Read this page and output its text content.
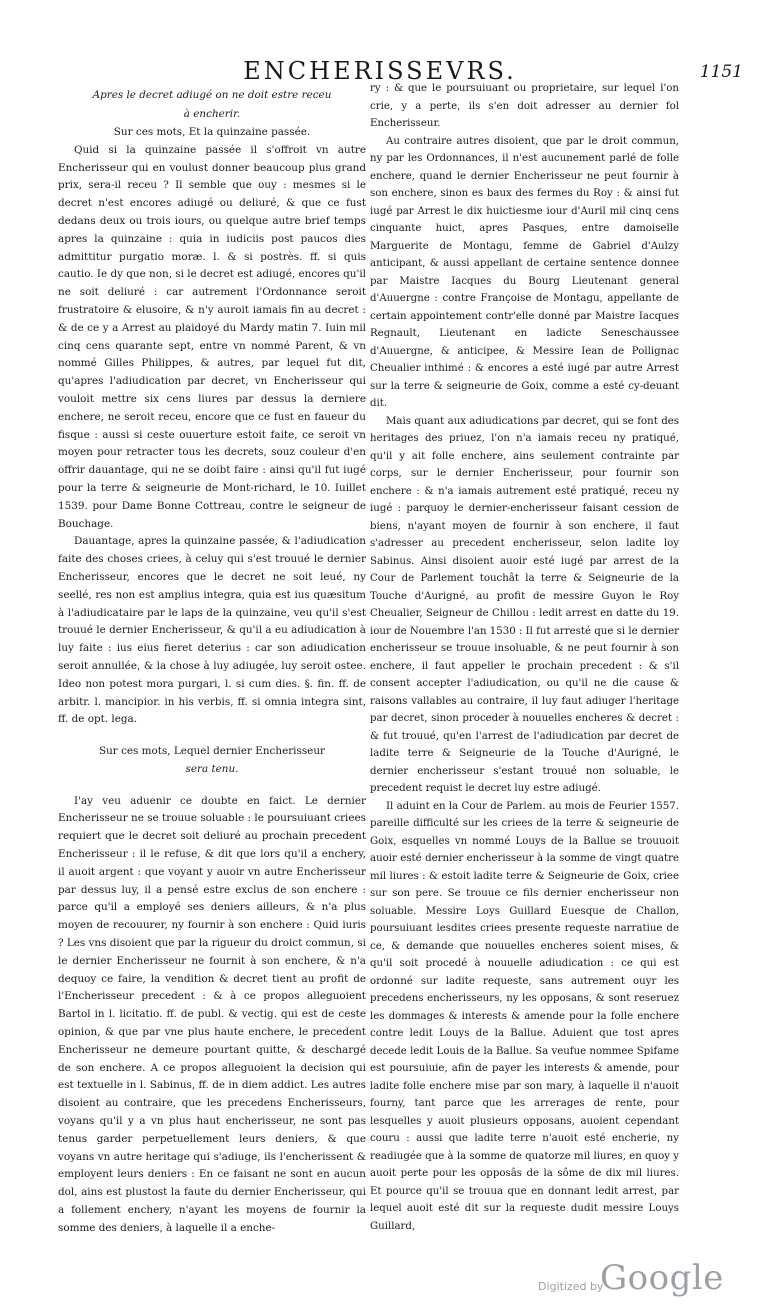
ENCHERISSEVRS.	1151

Apres le decret adiugé on ne doit estre receu

à encherir.

Sur ces mots, Et la quinzaine passée.

Quid si la quinzaine passée il s'offroit vn autre Encherisseur qui en voulust donner beaucoup plus grand prix, sera-il receu ? Il semble que ouy : mesmes si le decret n'est encores adiugé ou deliuré, & que ce fust dedans deux ou trois iours, ou quelque autre brief temps apres la quinzaine : quia in iudiciis post paucos dies admittitur purgatio moræ. l. & si postrès. ff. si quis cautio. Ie dy que non, si le decret est adiugé, encores qu'il ne soit deliuré : car autrement l'Ordonnance seroit frustratoire & elusoire, & n'y auroit iamais fin au decret : & de ce y a Arrest au plaidoyé du Mardy matin 7. Iuin mil cinq cens quarante sept, entre vn nommé Parent, & vn nommé Gilles Philippes, & autres, par lequel fut dit, qu'apres l'adiudication par decret, vn Encherisseur qui vouloit mettre six cens liures par dessus la derniere enchere, ne seroit receu, encore que ce fust en faueur du fisque : aussi si ceste ouuerture estoit faite, ce seroit vn moyen pour retracter tous les decrets, souz couleur d'en offrir dauantage, qui ne se doibt faire : ainsi qu'il fut iugé pour la terre & seigneurie de Mont-richard, le 10. Iuillet 1539. pour Dame Bonne Cottreau, contre le seigneur de Bouchage.

Dauantage, apres la quinzaine passée, & l'adiudication faite des choses criees, à celuy qui s'est trouué le dernier Encherisseur, encores que le decret ne soit leué, ny seellé, res non est amplius integra, quia est ius quæsitum à l'adiudicataire par le laps de la quinzaine, veu qu'il s'est trouué le dernier Encherisseur, & qu'il a eu adiudication à luy faite : ius eius fieret deterius : car son adiudication seroit annullée, & la chose à luy adiugée, luy seroit ostee. Ideo non potest mora purgari, l. si cum dies. §. fin. ff. de arbitr. l. mancipior. in his verbis, ff. si omnia integra sint, ff. de opt. lega.

Sur ces mots, Lequel dernier Encherisseur

sera tenu.

I'ay veu aduenir ce doubte en faict. Le dernier Encherisseur ne se trouue soluable : le poursuiuant criees requiert que le decret soit deliuré au prochain precedent Encherisseur : il le refuse, & dit que lors qu'il a enchery, il auoit argent : que voyant y auoir vn autre Encherisseur par dessus luy, il a pensé estre exclus de son enchere : parce qu'il a employé ses deniers ailleurs, & n'a plus moyen de recouurer, ny fournir à son enchere : Quid iuris ? Les vns disoient que par la rigueur du droict commun, si le dernier Encherisseur ne fournit à son enchere, & n'a dequoy ce faire, la vendition & decret tient au profit de l'Encherisseur precedent : & à ce propos alleguoient Bartol in l. licitatio. ff. de publ. & vectig. qui est de ceste opinion, & que par vne plus haute enchere, le precedent Encherisseur ne demeure pourtant quitte, & deschargé de son enchere. A ce propos alleguoient la decision qui est textuelle in l. Sabinus, ff. de in diem addict. Les autres disoient au contraire, que les precedens Encherisseurs, voyans qu'il y a vn plus haut encherisseur, ne sont pas tenus garder perpetuellement leurs deniers, & que voyans vn autre heritage qui s'adiuge, ils l'encherissent & employent leurs deniers : En ce faisant ne sont en aucun dol, ains est plustost la faute du dernier Encherisseur, qui a follement enchery, n'ayant les moyens de fournir la somme des deniers, à laquelle il a enche-

ry : & que le poursuiuant ou proprietaire, sur lequel l'on crie, y a perte, ils s'en doit adresser au dernier fol Encherisseur.

Au contraire autres disoient, que par le droit commun, ny par les Ordonnances, il n'est aucunement parlé de folle enchere, quand le dernier Encherisseur ne peut fournir à son enchere, sinon es baux des fermes du Roy : & ainsi fut iugé par Arrest le dix huictiesme iour d'Auril mil cinq cens cinquante huict, apres Pasques, entre damoiselle Marguerite de Montagu, femme de Gabriel d'Aulzy anticipant, & aussi appellant de certaine sentence donnee par Maistre Iacques du Bourg Lieutenant general d'Auuergne : contre Françoise de Montagu, appellante de certain appointement contr'elle donné par Maistre Iacques Regnault, Lieutenant en ladicte Seneschaussee d'Auuergne, & anticipee, & Messire Iean de Pollignac Cheualier inthimé : & encores a esté iugé par autre Arrest sur la terre & seigneurie de Goix, comme a esté cy-deuant dit.

Mais quant aux adiudications par decret, qui se font des heritages des priuez, l'on n'a iamais receu ny pratiqué, qu'il y ait folle enchere, ains seulement contrainte par corps, sur le dernier Encherisseur, pour fournir son enchere : & n'a iamais autrement esté pratiqué, receu ny iugé : parquoy le dernier-encherisseur faisant cession de biens, n'ayant moyen de fournir à son enchere, il faut s'adresser au precedent encherisseur, selon ladite loy Sabinus. Ainsi disoient auoir esté iugé par arrest de la Cour de Parlement touchât la terre & Seigneurie de la Touche d'Aurigné, au profit de messire Guyon le Roy Cheualier, Seigneur de Chillou : ledit arrest en datte du 19. iour de Nouembre l'an 1530 : Il fut arresté que si le dernier encherisseur se trouue insoluable, & ne peut fournir à son enchere, il faut appeller le prochain precedent : & s'il consent accepter l'adiudication, ou qu'il ne die cause & raisons vallables au contraire, il luy faut adiuger l'heritage par decret, sinon proceder à nouuelles encheres & decret : & fut trouué, qu'en l'arrest de l'adiudication par decret de ladite terre & Seigneurie de la Touche d'Aurigné, le dernier encherisseur s'estant trouué non soluable, le precedent requist le decret luy estre adiugé.

Il aduint en la Cour de Parlem. au mois de Feurier 1557. pareille difficulté sur les criees de la terre & seigneurie de Goix, esquelles vn nommé Louys de la Ballue se trouuoit auoir esté dernier encherisseur à la somme de vingt quatre mil liures : & estoit ladite terre & Seigneurie de Goix, criee sur son pere. Se trouue ce fils dernier encherisseur non soluable. Messire Loys Guillard Euesque de Challon, poursuiuant lesdites criees presente requeste narratiue de ce, & demande que nouuelles encheres soient mises, & qu'il soit procedé à nouuelle adiudication : ce qui est ordonné sur ladite requeste, sans autrement ouyr les precedens encherisseurs, ny les opposans, & sont reseruez les dommages & interests & amende pour la folle enchere contre ledit Louys de la Ballue. Aduient que tost apres decede ledit Louis de la Ballue. Sa veufue nommee Spifame est poursuiuie, afin de payer les interests & amende, pour ladite folle enchere mise par son mary, à laquelle il n'auoit fourny, tant parce que les arrerages de rente, pour lesquelles y auoit plusieurs opposans, auoient cependant couru : aussi que ladite terre n'auoit esté encherie, ny readiugée que à la somme de quatorze mil liures, en quoy y auoit perte pour les opposâs de la sôme de dix mil liures. Et pource qu'il se trouua que en donnant ledit arrest, par lequel auoit esté dit sur la requeste dudit messire Louys Guillard,

Digitized by
Google
